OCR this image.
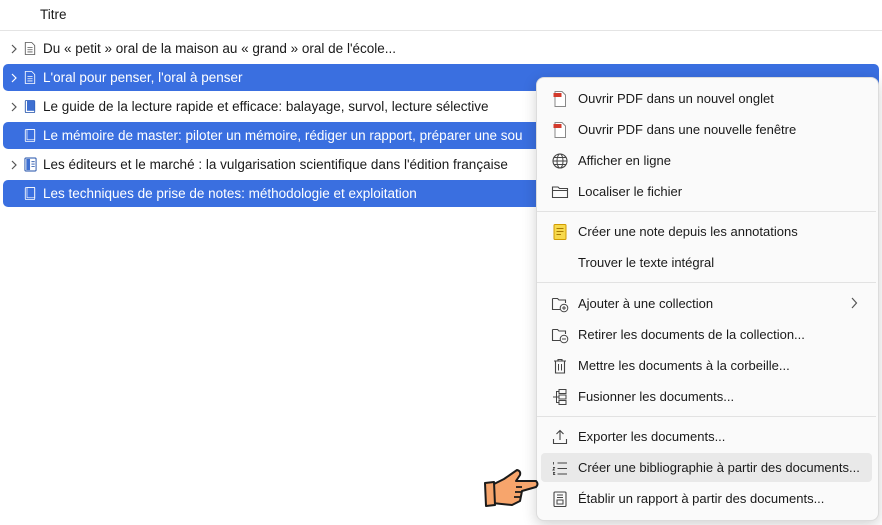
Titre
Du « petit » oral de la maison au « grand » oral de l'école...
L'oral pour penser, l'oral à penser
Le guide de la lecture rapide et efficace: balayage, survol, lecture sélective
Le mémoire de master: piloter un mémoire, rédiger un rapport, préparer une sou
Les éditeurs et le marché : la vulgarisation scientifique dans l'édition française
Les techniques de prise de notes: méthodologie et exploitation
Ouvrir PDF dans un nouvel onglet
Ouvrir PDF dans une nouvelle fenêtre
Afficher en ligne
Localiser le fichier
Créer une note depuis les annotations
Trouver le texte intégral
Ajouter à une collection
Retirer les documents de la collection...
Mettre les documents à la corbeille...
Fusionner les documents...
Exporter les documents...
Créer une bibliographie à partir des documents...
Établir un rapport à partir des documents...
